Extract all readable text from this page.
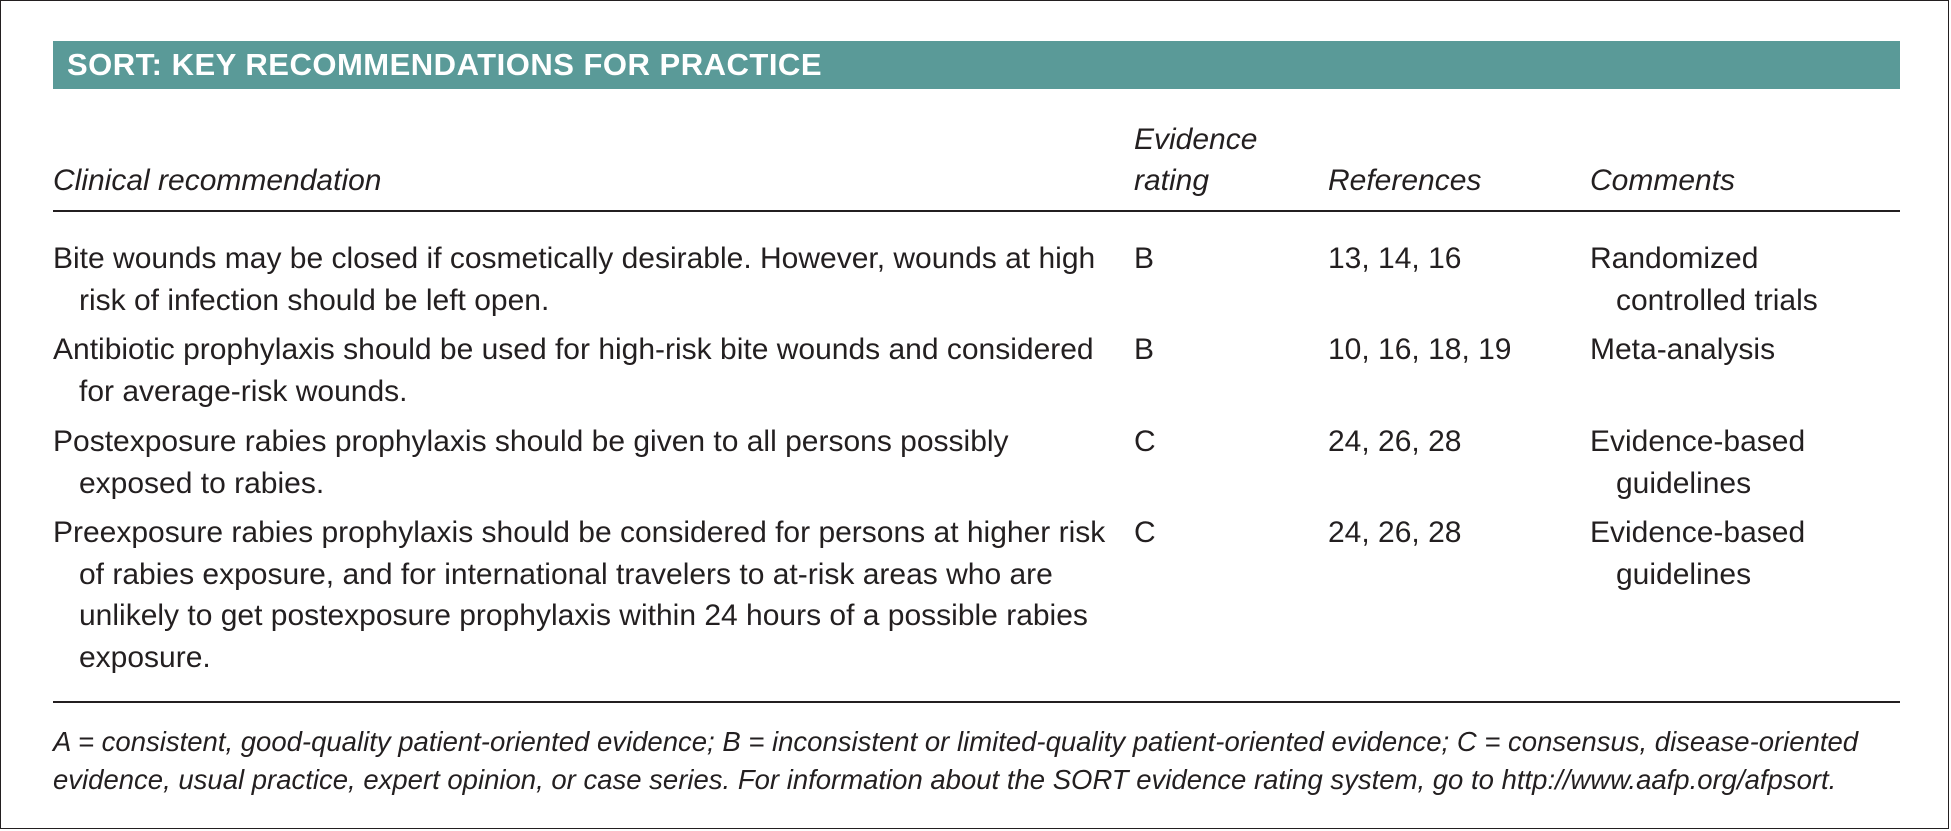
SORT: KEY RECOMMENDATIONS FOR PRACTICE
Clinical recommendation
Evidence
rating	References	Comments
Bite wounds may be closed if cosmetically desirable. However, wounds at high risk of infection should be left open.
B	13, 14, 16	Randomized controlled trials
Antibiotic prophylaxis should be used for high-risk bite wounds and considered for average-risk wounds.
B	10, 16, 18, 19	Meta-analysis
Postexposure rabies prophylaxis should be given to all persons possibly exposed to rabies.
C	24, 26, 28	Evidence-based guidelines
Preexposure rabies prophylaxis should be considered for persons at higher risk of rabies exposure, and for international travelers to at-risk areas who are unlikely to get postexposure prophylaxis within 24 hours of a possible rabies exposure.
C	24, 26, 28	Evidence-based guidelines
A = consistent, good-quality patient-oriented evidence; B = inconsistent or limited-quality patient-oriented evidence; C = consensus, disease-oriented
evidence, usual practice, expert opinion, or case series. For information about the SORT evidence rating system, go to http://www.aafp.org/afpsort.
